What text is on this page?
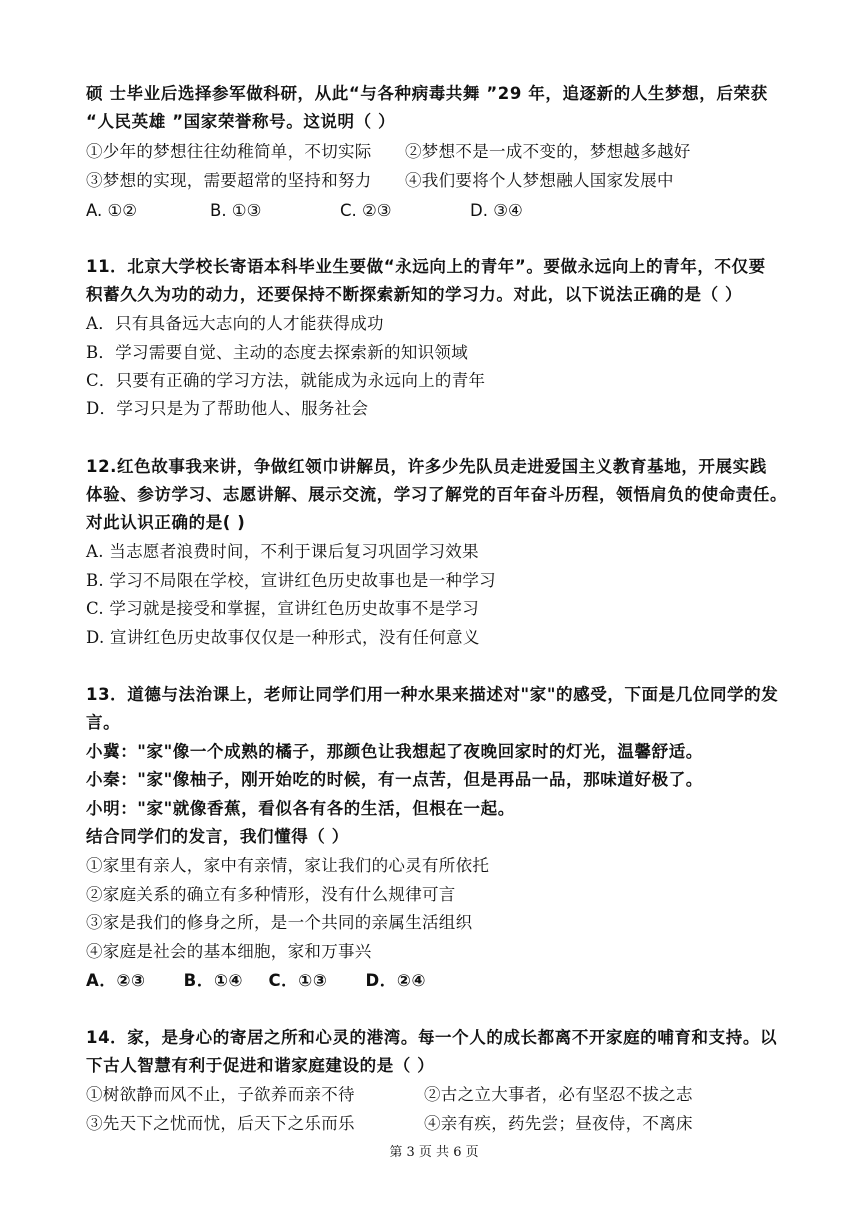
硕 士毕业后选择参军做科研，从此“与各种病毒共舞 ”29 年，追逐新的人生梦想，后荣获
“人民英雄 ”国家荣誉称号。这说明（ ）
①少年的梦想往往幼稚简单，不切实际 ②梦想不是一成不变的，梦想越多越好
③梦想的实现，需要超常的坚持和努力 ④我们要将个人梦想融人国家发展中
A. ①②	B. ①③	C. ②③	D. ③④
11．北京大学校长寄语本科毕业生要做“永远向上的青年”。要做永远向上的青年，不仅要
积蓄久久为功的动力，还要保持不断探索新知的学习力。对此，以下说法正确的是（ ）
A．只有具备远大志向的人才能获得成功
B．学习需要自觉、主动的态度去探索新的知识领域
C．只要有正确的学习方法，就能成为永远向上的青年
D．学习只是为了帮助他人、服务社会
12.红色故事我来讲，争做红领巾讲解员，许多少先队员走进爱国主义教育基地，开展实践
体验、参访学习、志愿讲解、展示交流，学习了解党的百年奋斗历程，领悟肩负的使命责任。
对此认识正确的是( )
A. 当志愿者浪费时间，不利于课后复习巩固学习效果
B. 学习不局限在学校，宣讲红色历史故事也是一种学习
C. 学习就是接受和掌握，宣讲红色历史故事不是学习
D. 宣讲红色历史故事仅仅是一种形式，没有任何意义
13．道德与法治课上，老师让同学们用一种水果来描述对"家"的感受，下面是几位同学的发
言。
小冀："家"像一个成熟的橘子，那颜色让我想起了夜晚回家时的灯光，温馨舒适。
小秦："家"像柚子，刚开始吃的时候，有一点苦，但是再品一品，那味道好极了。
小明："家"就像香蕉，看似各有各的生活，但根在一起。
结合同学们的发言，我们懂得（ ）
①家里有亲人，家中有亲情，家让我们的心灵有所依托
②家庭关系的确立有多种情形，没有什么规律可言
③家是我们的修身之所，是一个共同的亲属生活组织
④家庭是社会的基本细胞，家和万事兴
A．②③      B．①④    C．①③      D．②④
14．家，是身心的寄居之所和心灵的港湾。每一个人的成长都离不开家庭的哺育和支持。以
下古人智慧有利于促进和谐家庭建设的是（ ）
①树欲静而风不止，子欲养而亲不待	②古之立大事者，必有坚忍不拔之志
③先天下之忧而忧，后天下之乐而乐	④亲有疾，药先尝；昼夜侍，不离床
第 3 页 共 6 页
